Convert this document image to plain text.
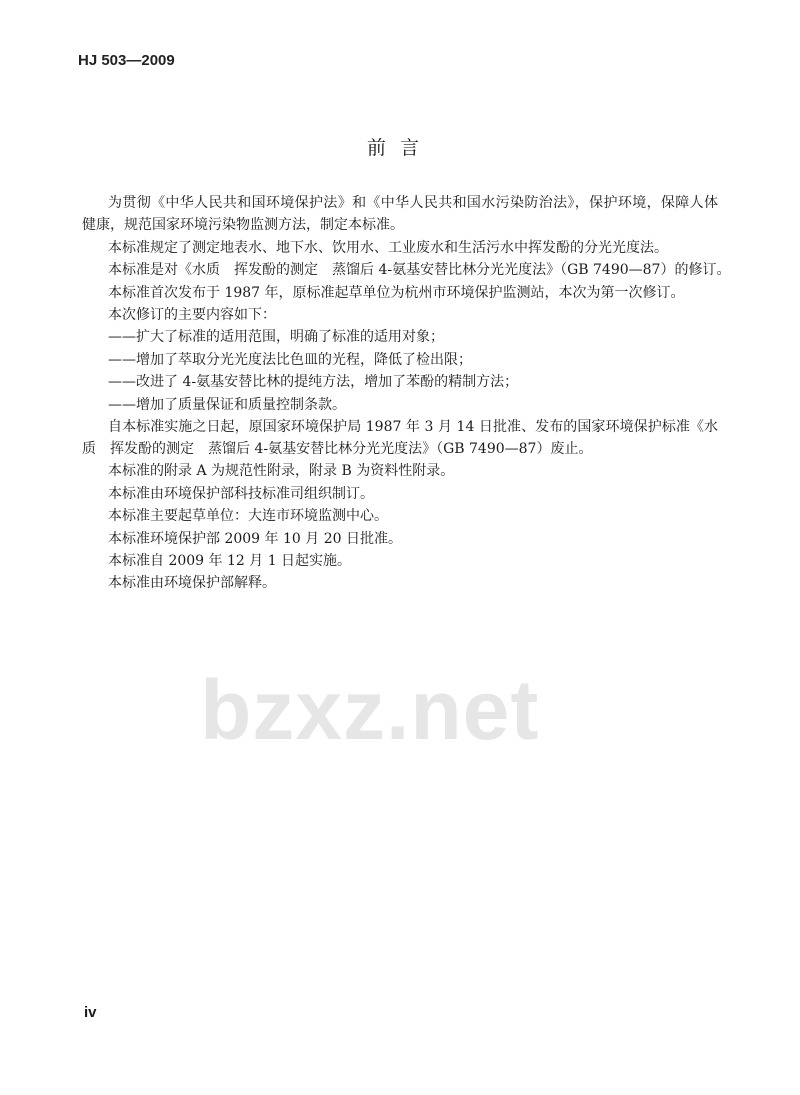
HJ 503—2009
前言
为贯彻《中华人民共和国环境保护法》和《中华人民共和国水污染防治法》，保护环境，保障人体
健康，规范国家环境污染物监测方法，制定本标准。
本标准规定了测定地表水、地下水、饮用水、工业废水和生活污水中挥发酚的分光光度法。
本标准是对《水质　挥发酚的测定　蒸馏后 4-氨基安替比林分光光度法》（GB 7490—87）的修订。
本标准首次发布于 1987 年，原标准起草单位为杭州市环境保护监测站，本次为第一次修订。
本次修订的主要内容如下：
——扩大了标准的适用范围，明确了标准的适用对象；
——增加了萃取分光光度法比色皿的光程，降低了检出限；
——改进了 4-氨基安替比林的提纯方法，增加了苯酚的精制方法；
——增加了质量保证和质量控制条款。
自本标准实施之日起，原国家环境保护局 1987 年 3 月 14 日批准、发布的国家环境保护标准《水
质　挥发酚的测定　蒸馏后 4-氨基安替比林分光光度法》（GB 7490—87）废止。
本标准的附录 A 为规范性附录，附录 B 为资料性附录。
本标准由环境保护部科技标准司组织制订。
本标准主要起草单位：大连市环境监测中心。
本标准环境保护部 2009 年 10 月 20 日批准。
本标准自 2009 年 12 月 1 日起实施。
本标准由环境保护部解释。
bzxz.net
iv
